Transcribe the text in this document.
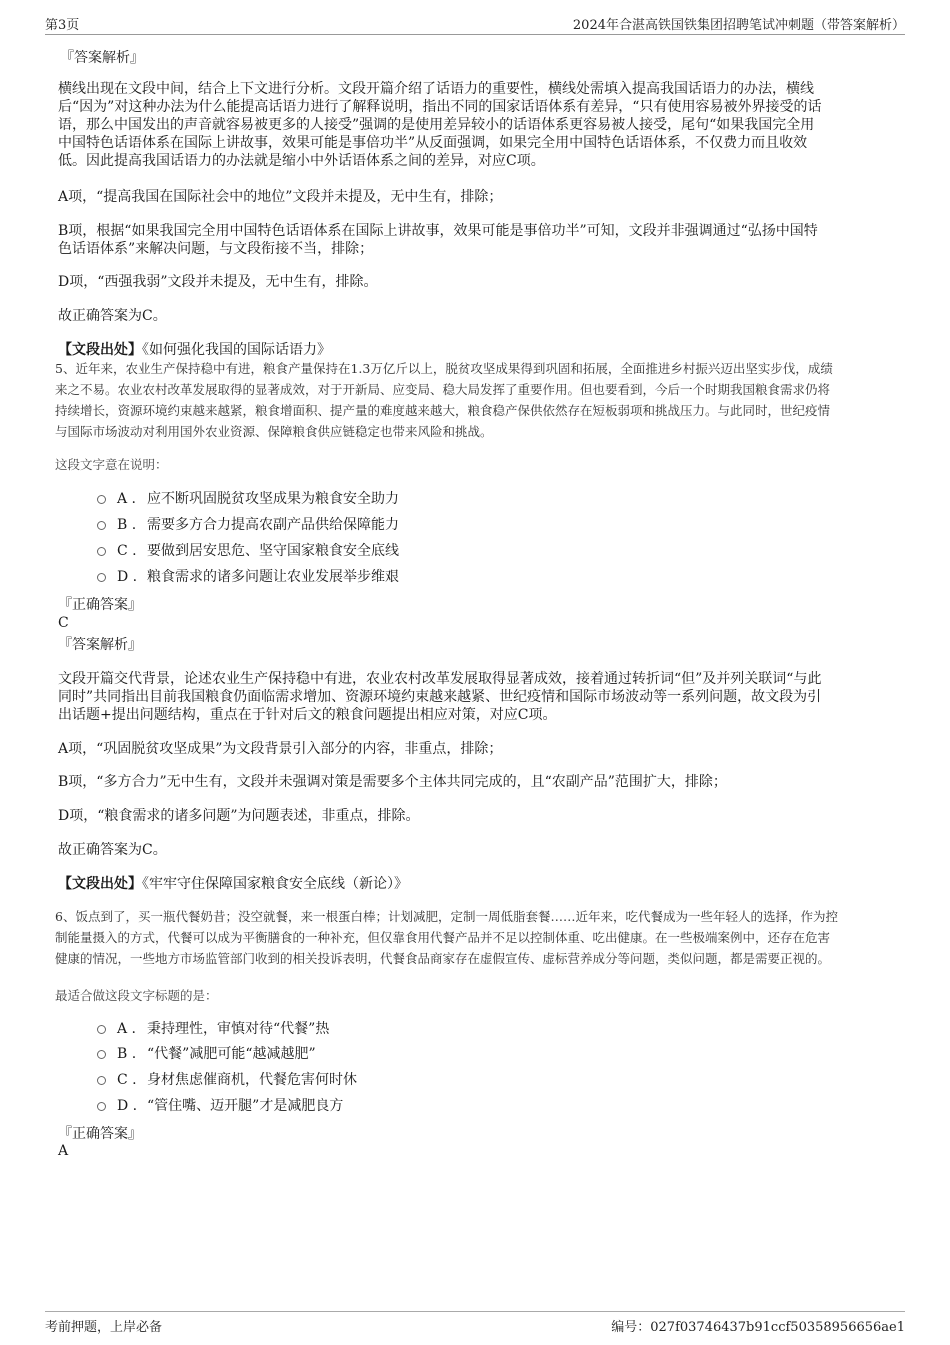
第3页	2024年合湛高铁国铁集团招聘笔试冲刺题（带答案解析）
『答案解析』
横线出现在文段中间，结合上下文进行分析。文段开篇介绍了话语力的重要性，横线处需填入提高我国话语力的办法，横线
后“因为”对这种办法为什么能提高话语力进行了解释说明，指出不同的国家话语体系有差异，“只有使用容易被外界接受的话
语，那么中国发出的声音就容易被更多的人接受”强调的是使用差异较小的话语体系更容易被人接受，尾句“如果我国完全用
中国特色话语体系在国际上讲故事，效果可能是事倍功半”从反面强调，如果完全用中国特色话语体系，不仅费力而且收效
低。因此提高我国话语力的办法就是缩小中外话语体系之间的差异，对应C项。
A项，“提高我国在国际社会中的地位”文段并未提及，无中生有，排除；
B项，根据“如果我国完全用中国特色话语体系在国际上讲故事，效果可能是事倍功半”可知，文段并非强调通过“弘扬中国特
色话语体系”来解决问题，与文段衔接不当，排除；
D项，“西强我弱”文段并未提及，无中生有，排除。
故正确答案为C。
【文段出处】《如何强化我国的国际话语力》
5、近年来，农业生产保持稳中有进，粮食产量保持在1.3万亿斤以上，脱贫攻坚成果得到巩固和拓展，全面推进乡村振兴迈出坚实步伐，成绩
来之不易。农业农村改革发展取得的显著成效，对于开新局、应变局、稳大局发挥了重要作用。但也要看到，今后一个时期我国粮食需求仍将
持续增长，资源环境约束越来越紧，粮食增面积、提产量的难度越来越大，粮食稳产保供依然存在短板弱项和挑战压力。与此同时，世纪疫情
与国际市场波动对利用国外农业资源、保障粮食供应链稳定也带来风险和挑战。
这段文字意在说明：
A . 应不断巩固脱贫攻坚成果为粮食安全助力
B . 需要多方合力提高农副产品供给保障能力
C . 要做到居安思危、坚守国家粮食安全底线
D . 粮食需求的诸多问题让农业发展举步维艰
『正确答案』
C
『答案解析』
文段开篇交代背景，论述农业生产保持稳中有进，农业农村改革发展取得显著成效，接着通过转折词“但”及并列关联词“与此
同时”共同指出目前我国粮食仍面临需求增加、资源环境约束越来越紧、世纪疫情和国际市场波动等一系列问题，故文段为引
出话题+提出问题结构，重点在于针对后文的粮食问题提出相应对策，对应C项。
A项，“巩固脱贫攻坚成果”为文段背景引入部分的内容，非重点，排除；
B项，“多方合力”无中生有，文段并未强调对策是需要多个主体共同完成的，且“农副产品”范围扩大，排除；
D项，“粮食需求的诸多问题”为问题表述，非重点，排除。
故正确答案为C。
【文段出处】《牢牢守住保障国家粮食安全底线（新论）》
6、饭点到了，买一瓶代餐奶昔；没空就餐，来一根蛋白棒；计划减肥，定制一周低脂套餐……近年来，吃代餐成为一些年轻人的选择，作为控
制能量摄入的方式，代餐可以成为平衡膳食的一种补充，但仅靠食用代餐产品并不足以控制体重、吃出健康。在一些极端案例中，还存在危害
健康的情况，一些地方市场监管部门收到的相关投诉表明，代餐食品商家存在虚假宣传、虚标营养成分等问题，类似问题，都是需要正视的。
最适合做这段文字标题的是：
A . 秉持理性，审慎对待“代餐”热
B . “代餐”减肥可能“越减越肥”
C . 身材焦虑催商机，代餐危害何时休
D . “管住嘴、迈开腿”才是减肥良方
『正确答案』
A
考前押题，上岸必备	编号：027f03746437b91ccf50358956656ae1
